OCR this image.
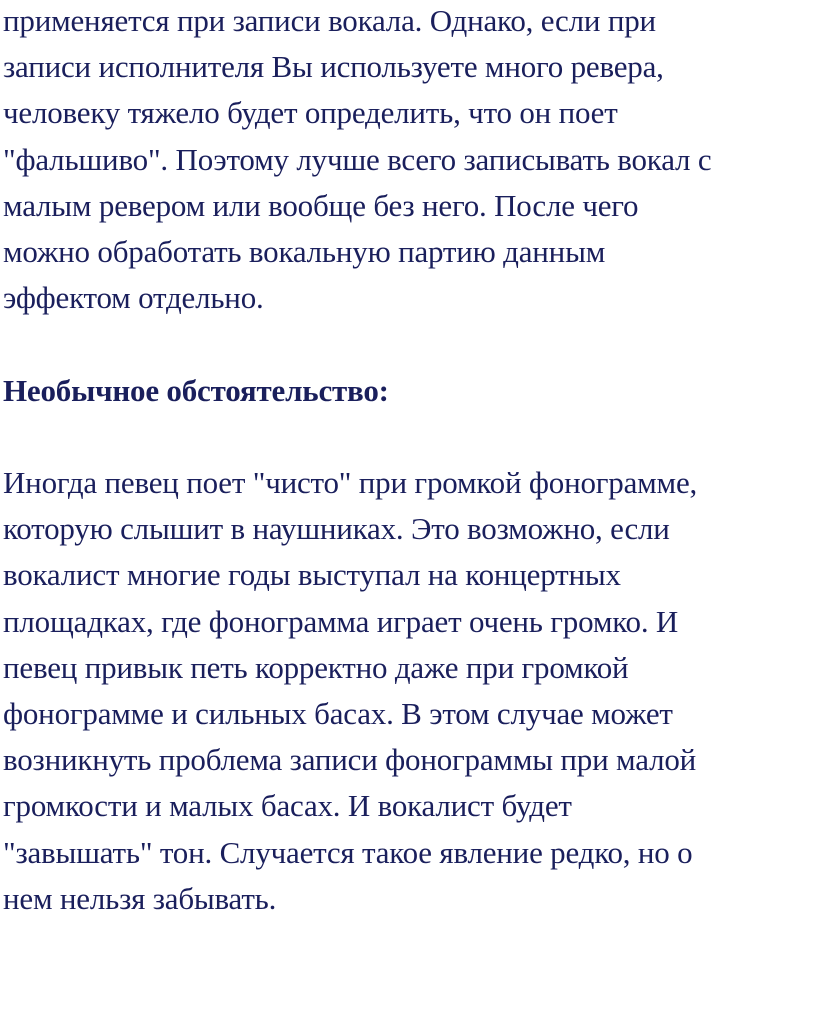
применяется при записи вокала. Однако, если при
записи исполнителя Вы используете много ревера,
человеку тяжело будет определить, что он поет
"фальшиво". Поэтому лучше всего записывать вокал с
малым ревером или вообще без него. После чего
можно обработать вокальную партию данным
эффектом отдельно.

Необычное обстоятельство:

Иногда певец поет "чисто" при громкой фонограмме,
которую слышит в наушниках. Это возможно, если
вокалист многие годы выступал на концертных
площадках, где фонограмма играет очень громко. И
певец привык петь корректно даже при громкой
фонограмме и сильных басах. В этом случае может
возникнуть проблема записи фонограммы при малой
громкости и малых басах. И вокалист будет
"завышать" тон. Случается такое явление редко, но о
нем нельзя забывать.
